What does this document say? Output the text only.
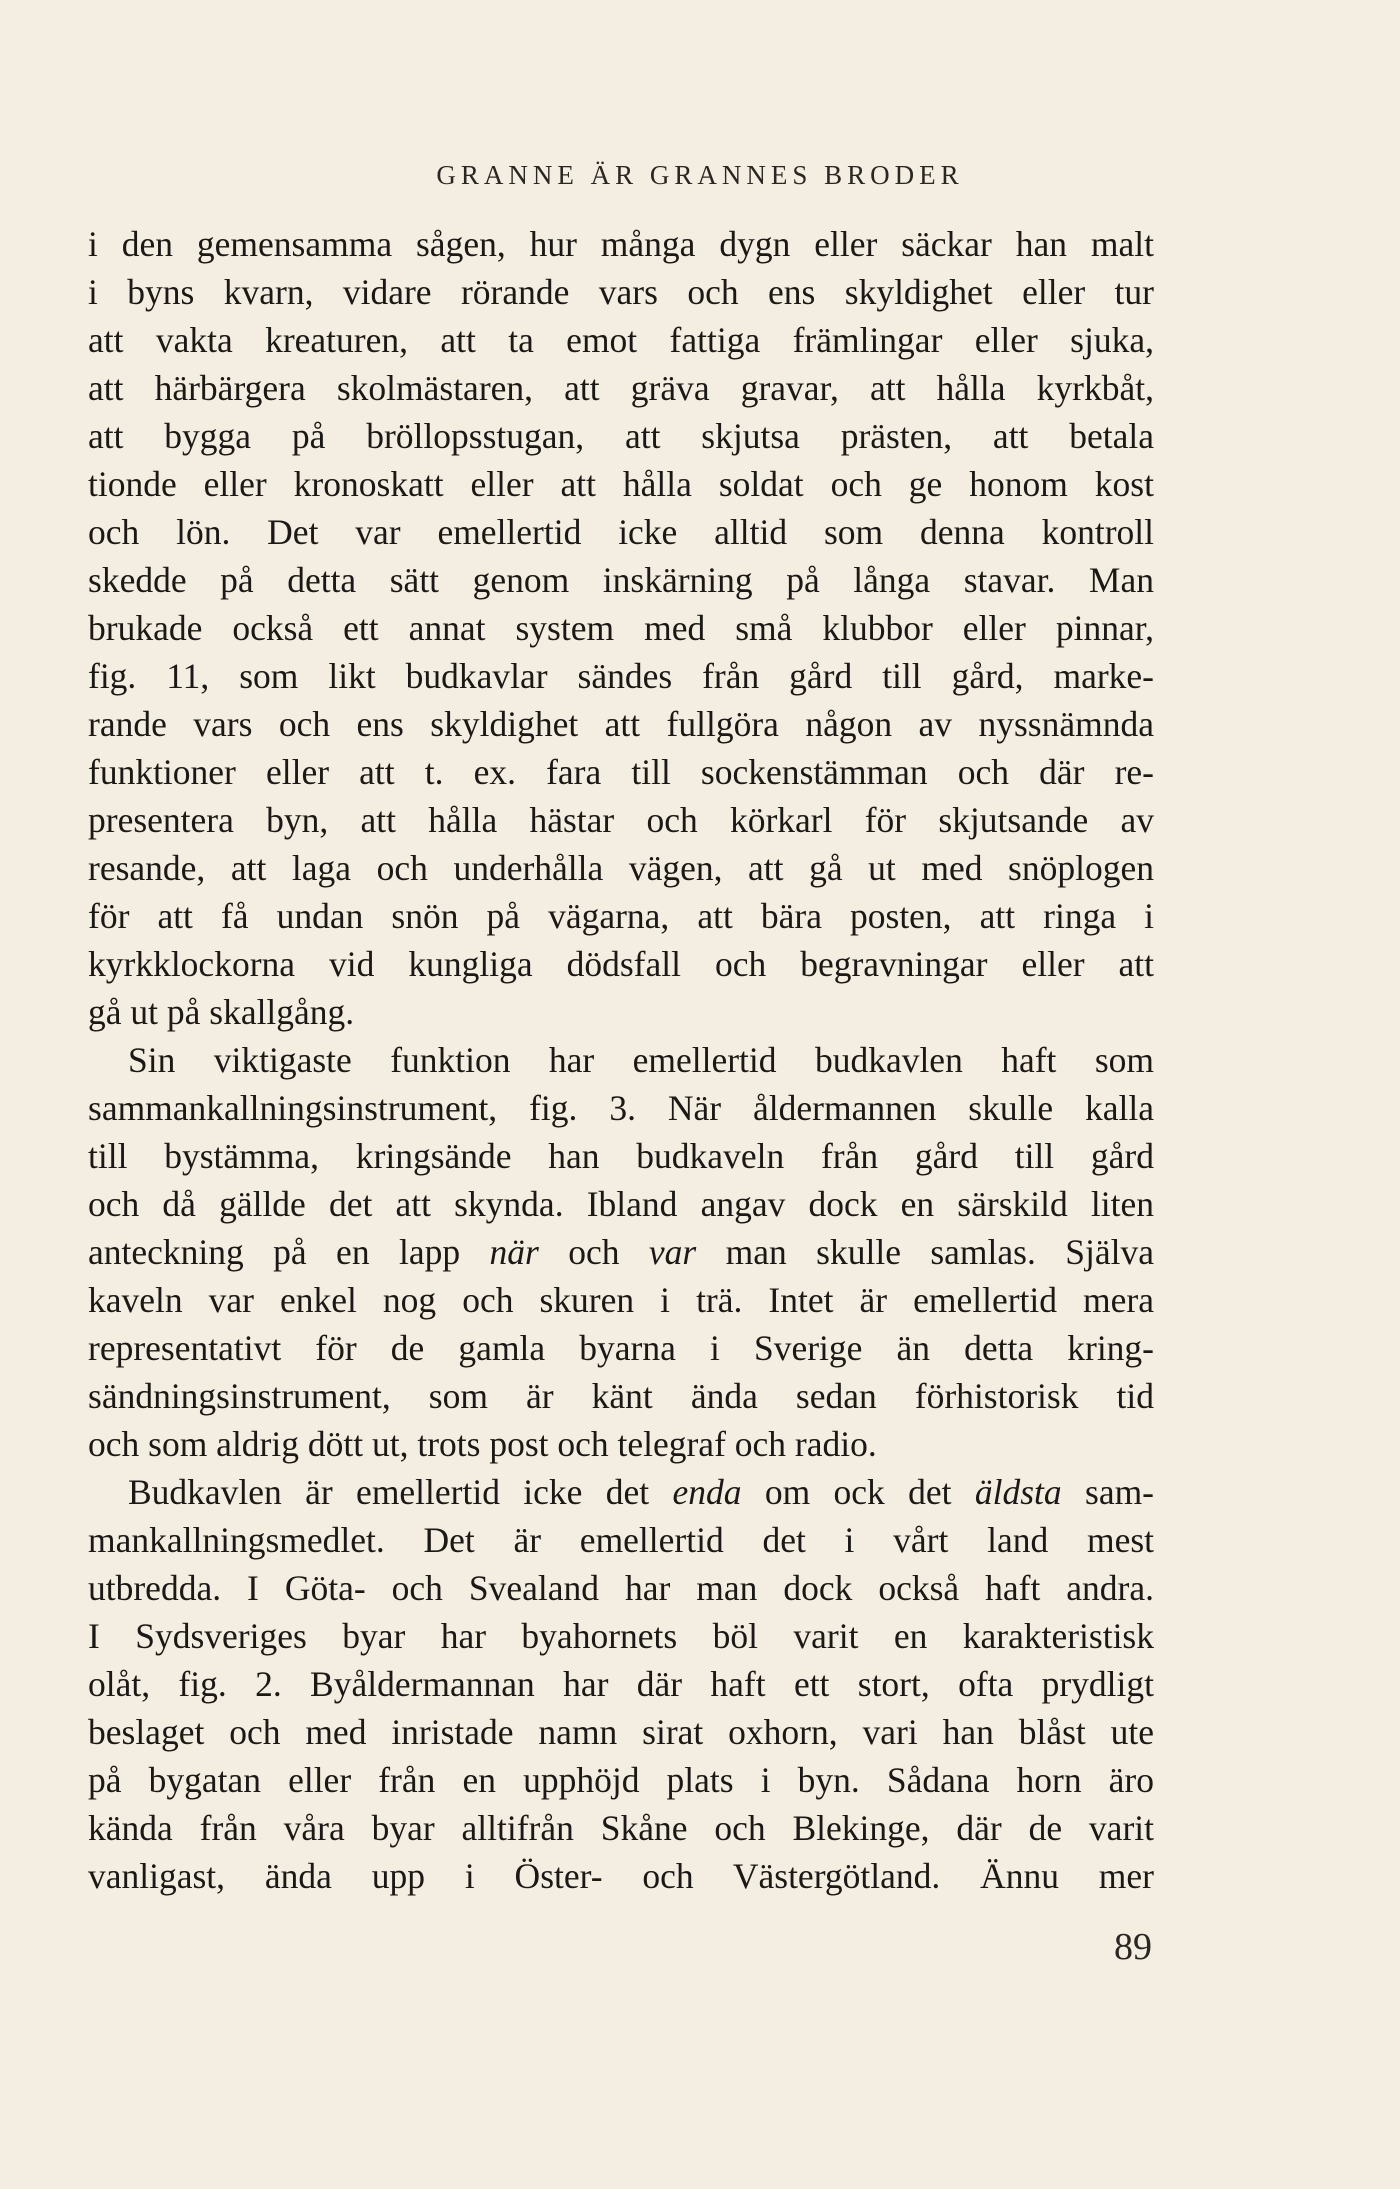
GRANNE ÄR GRANNES BRODER

i den gemensamma sågen, hur många dygn eller säckar han malt
i byns kvarn, vidare rörande vars och ens skyldighet eller tur
att vakta kreaturen, att ta emot fattiga främlingar eller sjuka,
att härbärgera skolmästaren, att gräva gravar, att hålla kyrkbåt,
att bygga på bröllopsstugan, att skjutsa prästen, att betala
tionde eller kronoskatt eller att hålla soldat och ge honom kost
och lön. Det var emellertid icke alltid som denna kontroll
skedde på detta sätt genom inskärning på långa stavar. Man
brukade också ett annat system med små klubbor eller pinnar,
fig. 11, som likt budkavlar sändes från gård till gård, marke-
rande vars och ens skyldighet att fullgöra någon av nyssnämnda
funktioner eller att t. ex. fara till sockenstämman och där re-
presentera byn, att hålla hästar och körkarl för skjutsande av
resande, att laga och underhålla vägen, att gå ut med snöplogen
för att få undan snön på vägarna, att bära posten, att ringa i
kyrkklockorna vid kungliga dödsfall och begravningar eller att
gå ut på skallgång.

Sin viktigaste funktion har emellertid budkavlen haft som
sammankallningsinstrument, fig. 3. När åldermannen skulle kalla
till bystämma, kringsände han budkaveln från gård till gård
och då gällde det att skynda. Ibland angav dock en särskild liten
anteckning på en lapp när och var man skulle samlas. Själva
kaveln var enkel nog och skuren i trä. Intet är emellertid mera
representativt för de gamla byarna i Sverige än detta kring-
sändningsinstrument, som är känt ända sedan förhistorisk tid
och som aldrig dött ut, trots post och telegraf och radio.

Budkavlen är emellertid icke det enda om ock det äldsta sam-
mankallningsmedlet. Det är emellertid det i vårt land mest
utbredda. I Göta- och Svealand har man dock också haft andra.
I Sydsveriges byar har byahornets böl varit en karakteristisk
olåt, fig. 2. Byåldermannan har där haft ett stort, ofta prydligt
beslaget och med inristade namn sirat oxhorn, vari han blåst ute
på bygatan eller från en upphöjd plats i byn. Sådana horn äro
kända från våra byar alltifrån Skåne och Blekinge, där de varit
vanligast, ända upp i Öster- och Västergötland. Ännu mer

89
